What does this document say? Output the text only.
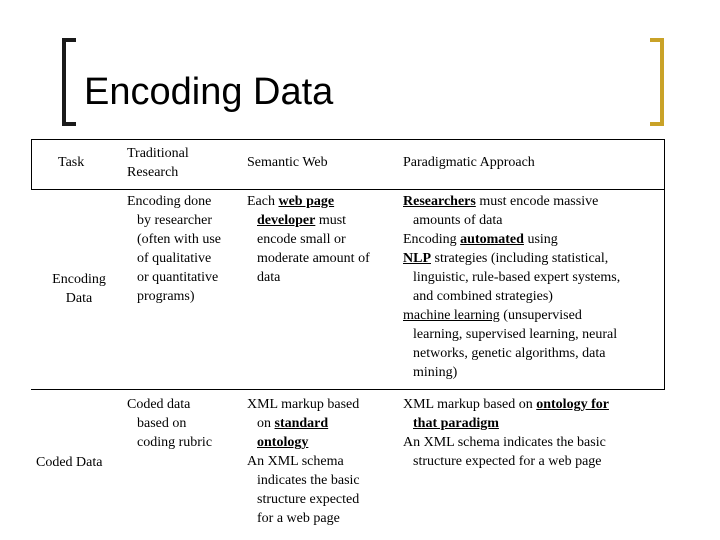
Encoding Data
Task
Traditional
Research
Semantic Web	Paradigmatic Approach
Encoding
Data
Encoding done
by researcher
(often with use
of qualitative
or quantitative
programs)
Each web page
developer must
encode small or
moderate amount of
data
Researchers must encode massive
amounts of data
Encoding automated using
NLP strategies (including statistical,
linguistic, rule-based expert systems,
and combined strategies)
machine learning (unsupervised
learning, supervised learning, neural
networks, genetic algorithms, data
mining)
Coded Data
Coded data
based on
coding rubric
XML markup based
on standard
ontology
An XML schema
indicates the basic
structure expected
for a web page
XML markup based on ontology for
that paradigm
An XML schema indicates the basic
structure expected for a web page
